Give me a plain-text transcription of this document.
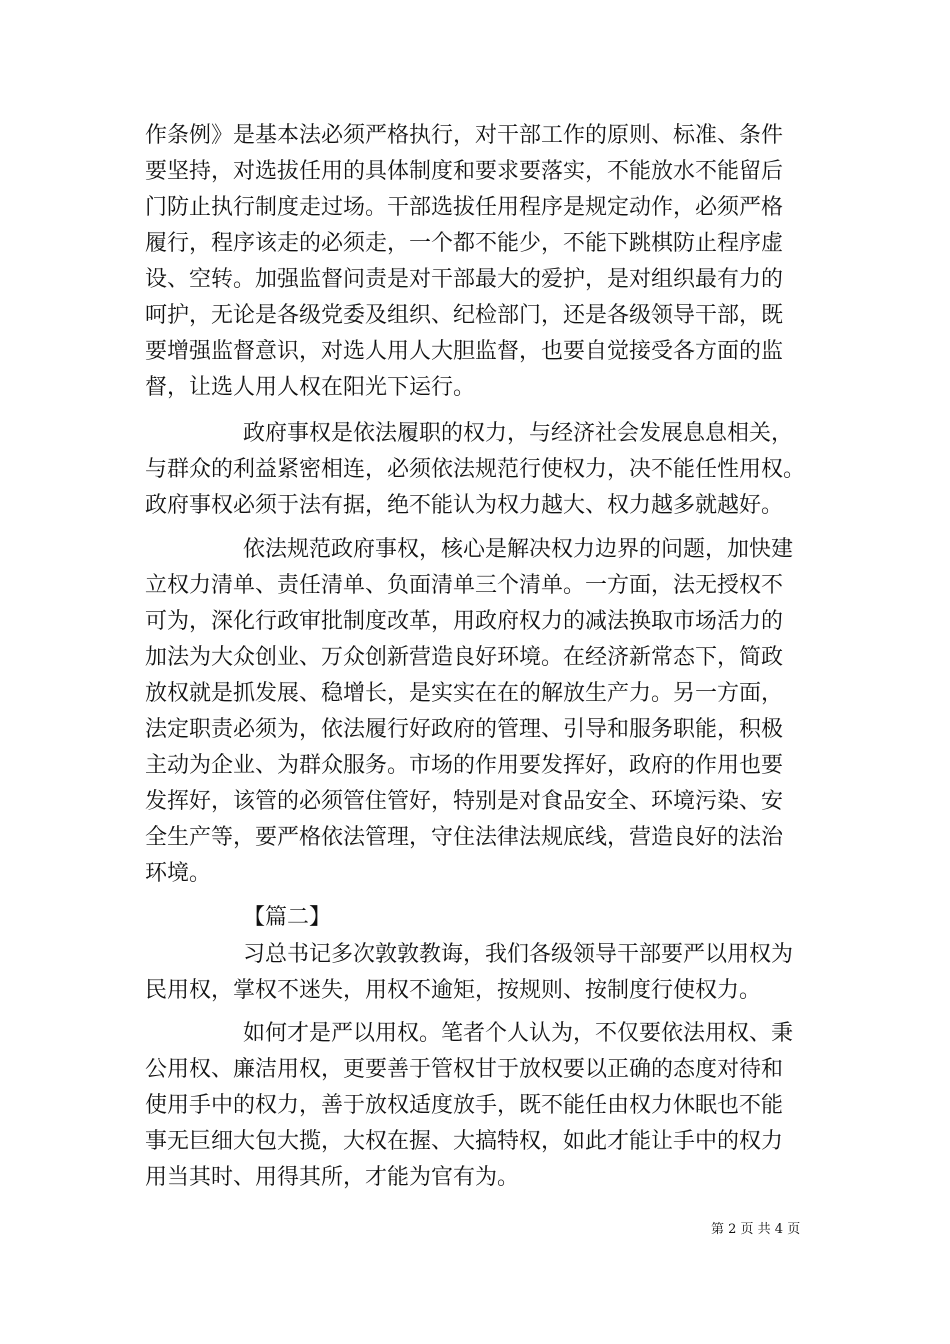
作条例》是基本法必须严格执行，对干部工作的原则、标准、条件
要坚持，对选拔任用的具体制度和要求要落实，不能放水不能留后
门防止执行制度走过场。干部选拔任用程序是规定动作，必须严格
履行，程序该走的必须走，一个都不能少，不能下跳棋防止程序虚
设、空转。加强监督问责是对干部最大的爱护，是对组织最有力的
呵护，无论是各级党委及组织、纪检部门，还是各级领导干部，既
要增强监督意识，对选人用人大胆监督，也要自觉接受各方面的监
督，让选人用人权在阳光下运行。
政府事权是依法履职的权力，与经济社会发展息息相关，
与群众的利益紧密相连，必须依法规范行使权力，决不能任性用权。
政府事权必须于法有据，绝不能认为权力越大、权力越多就越好。
依法规范政府事权，核心是解决权力边界的问题，加快建
立权力清单、责任清单、负面清单三个清单。一方面，法无授权不
可为，深化行政审批制度改革，用政府权力的减法换取市场活力的
加法为大众创业、万众创新营造良好环境。在经济新常态下，简政
放权就是抓发展、稳增长，是实实在在的解放生产力。另一方面，
法定职责必须为，依法履行好政府的管理、引导和服务职能，积极
主动为企业、为群众服务。市场的作用要发挥好，政府的作用也要
发挥好，该管的必须管住管好，特别是对食品安全、环境污染、安
全生产等，要严格依法管理，守住法律法规底线，营造良好的法治
环境。
【篇二】
习总书记多次敦敦教诲，我们各级领导干部要严以用权为
民用权，掌权不迷失，用权不逾矩，按规则、按制度行使权力。
如何才是严以用权。笔者个人认为，不仅要依法用权、秉
公用权、廉洁用权，更要善于管权甘于放权要以正确的态度对待和
使用手中的权力，善于放权适度放手，既不能任由权力休眠也不能
事无巨细大包大揽，大权在握、大搞特权，如此才能让手中的权力
用当其时、用得其所，才能为官有为。
第 2 页 共 4 页
